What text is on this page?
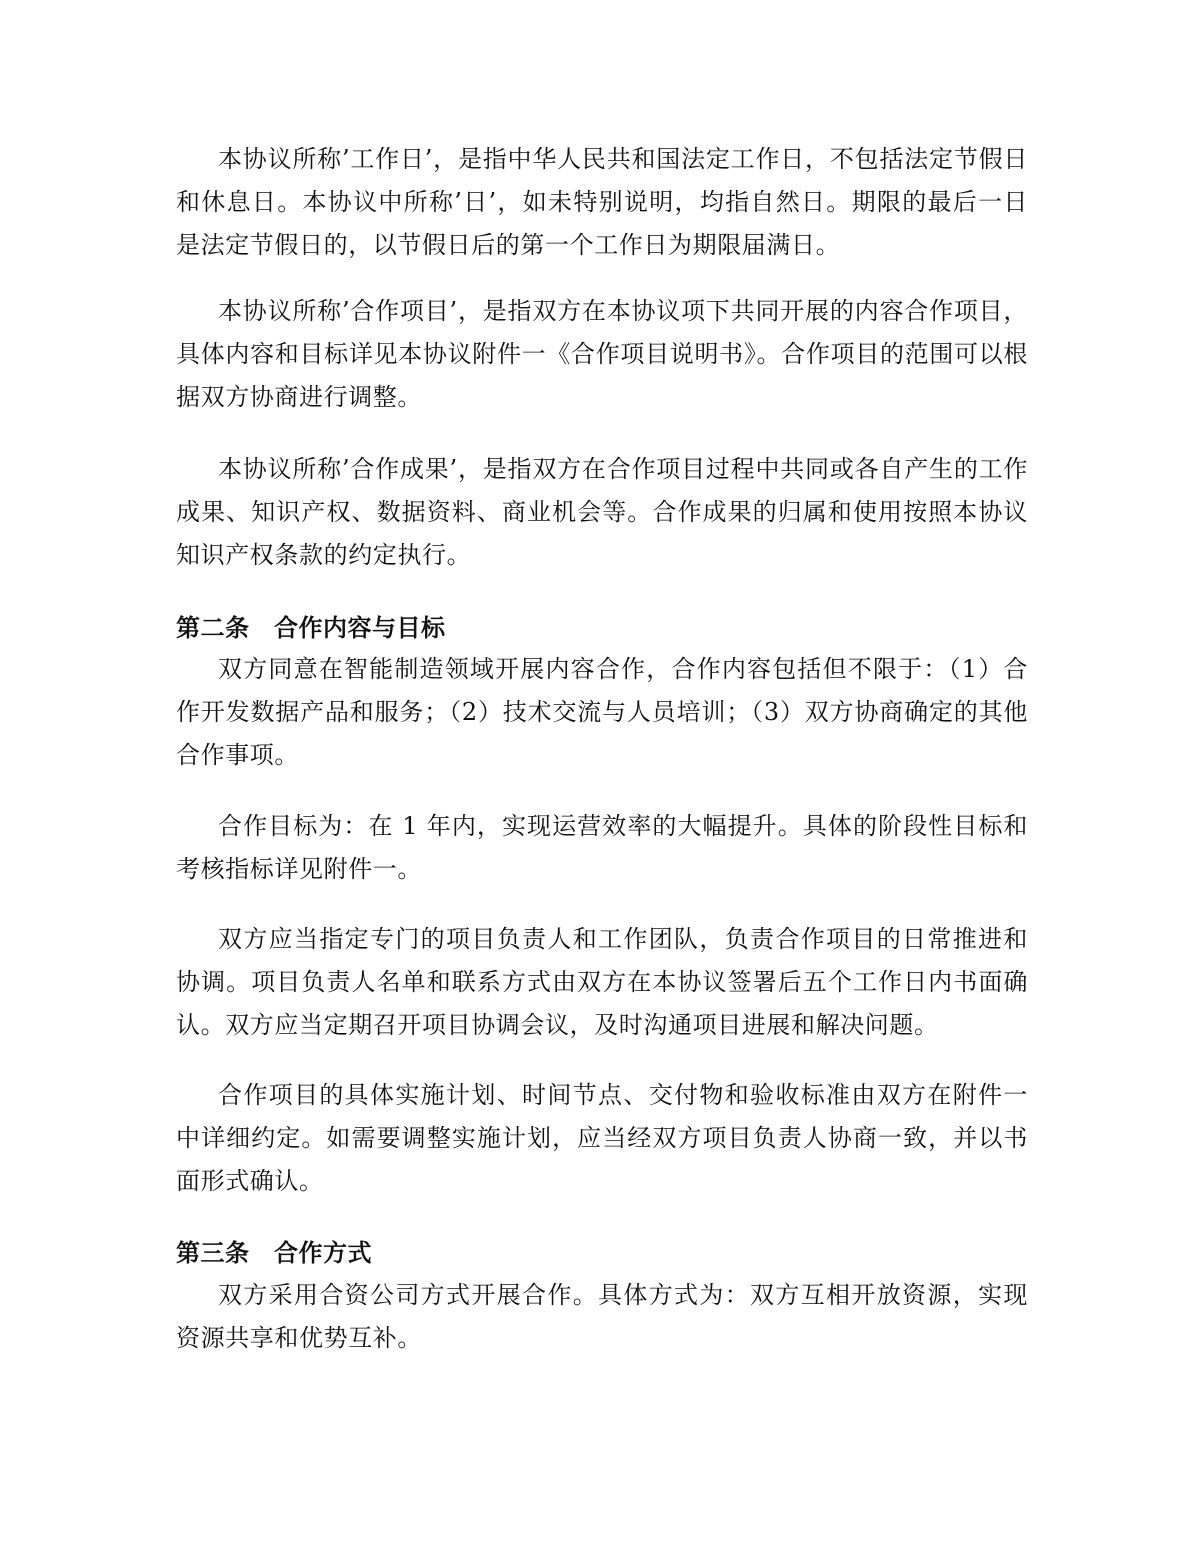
本协议所称’工作日’，是指中华人民共和国法定工作日，不包括法定节假日和休息日。本协议中所称’日’，如未特别说明，均指自然日。期限的最后一日是法定节假日的，以节假日后的第一个工作日为期限届满日。

本协议所称’合作项目’，是指双方在本协议项下共同开展的内容合作项目，具体内容和目标详见本协议附件一《合作项目说明书》。合作项目的范围可以根据双方协商进行调整。

本协议所称’合作成果’，是指双方在合作项目过程中共同或各自产生的工作成果、知识产权、数据资料、商业机会等。合作成果的归属和使用按照本协议知识产权条款的约定执行。

第二条　合作内容与目标

双方同意在智能制造领域开展内容合作，合作内容包括但不限于：（1）合作开发数据产品和服务；（2）技术交流与人员培训；（3）双方协商确定的其他合作事项。

合作目标为：在 1 年内，实现运营效率的大幅提升。具体的阶段性目标和考核指标详见附件一。

双方应当指定专门的项目负责人和工作团队，负责合作项目的日常推进和协调。项目负责人名单和联系方式由双方在本协议签署后五个工作日内书面确认。双方应当定期召开项目协调会议，及时沟通项目进展和解决问题。

合作项目的具体实施计划、时间节点、交付物和验收标准由双方在附件一中详细约定。如需要调整实施计划，应当经双方项目负责人协商一致，并以书面形式确认。

第三条　合作方式

双方采用合资公司方式开展合作。具体方式为：双方互相开放资源，实现资源共享和优势互补。
